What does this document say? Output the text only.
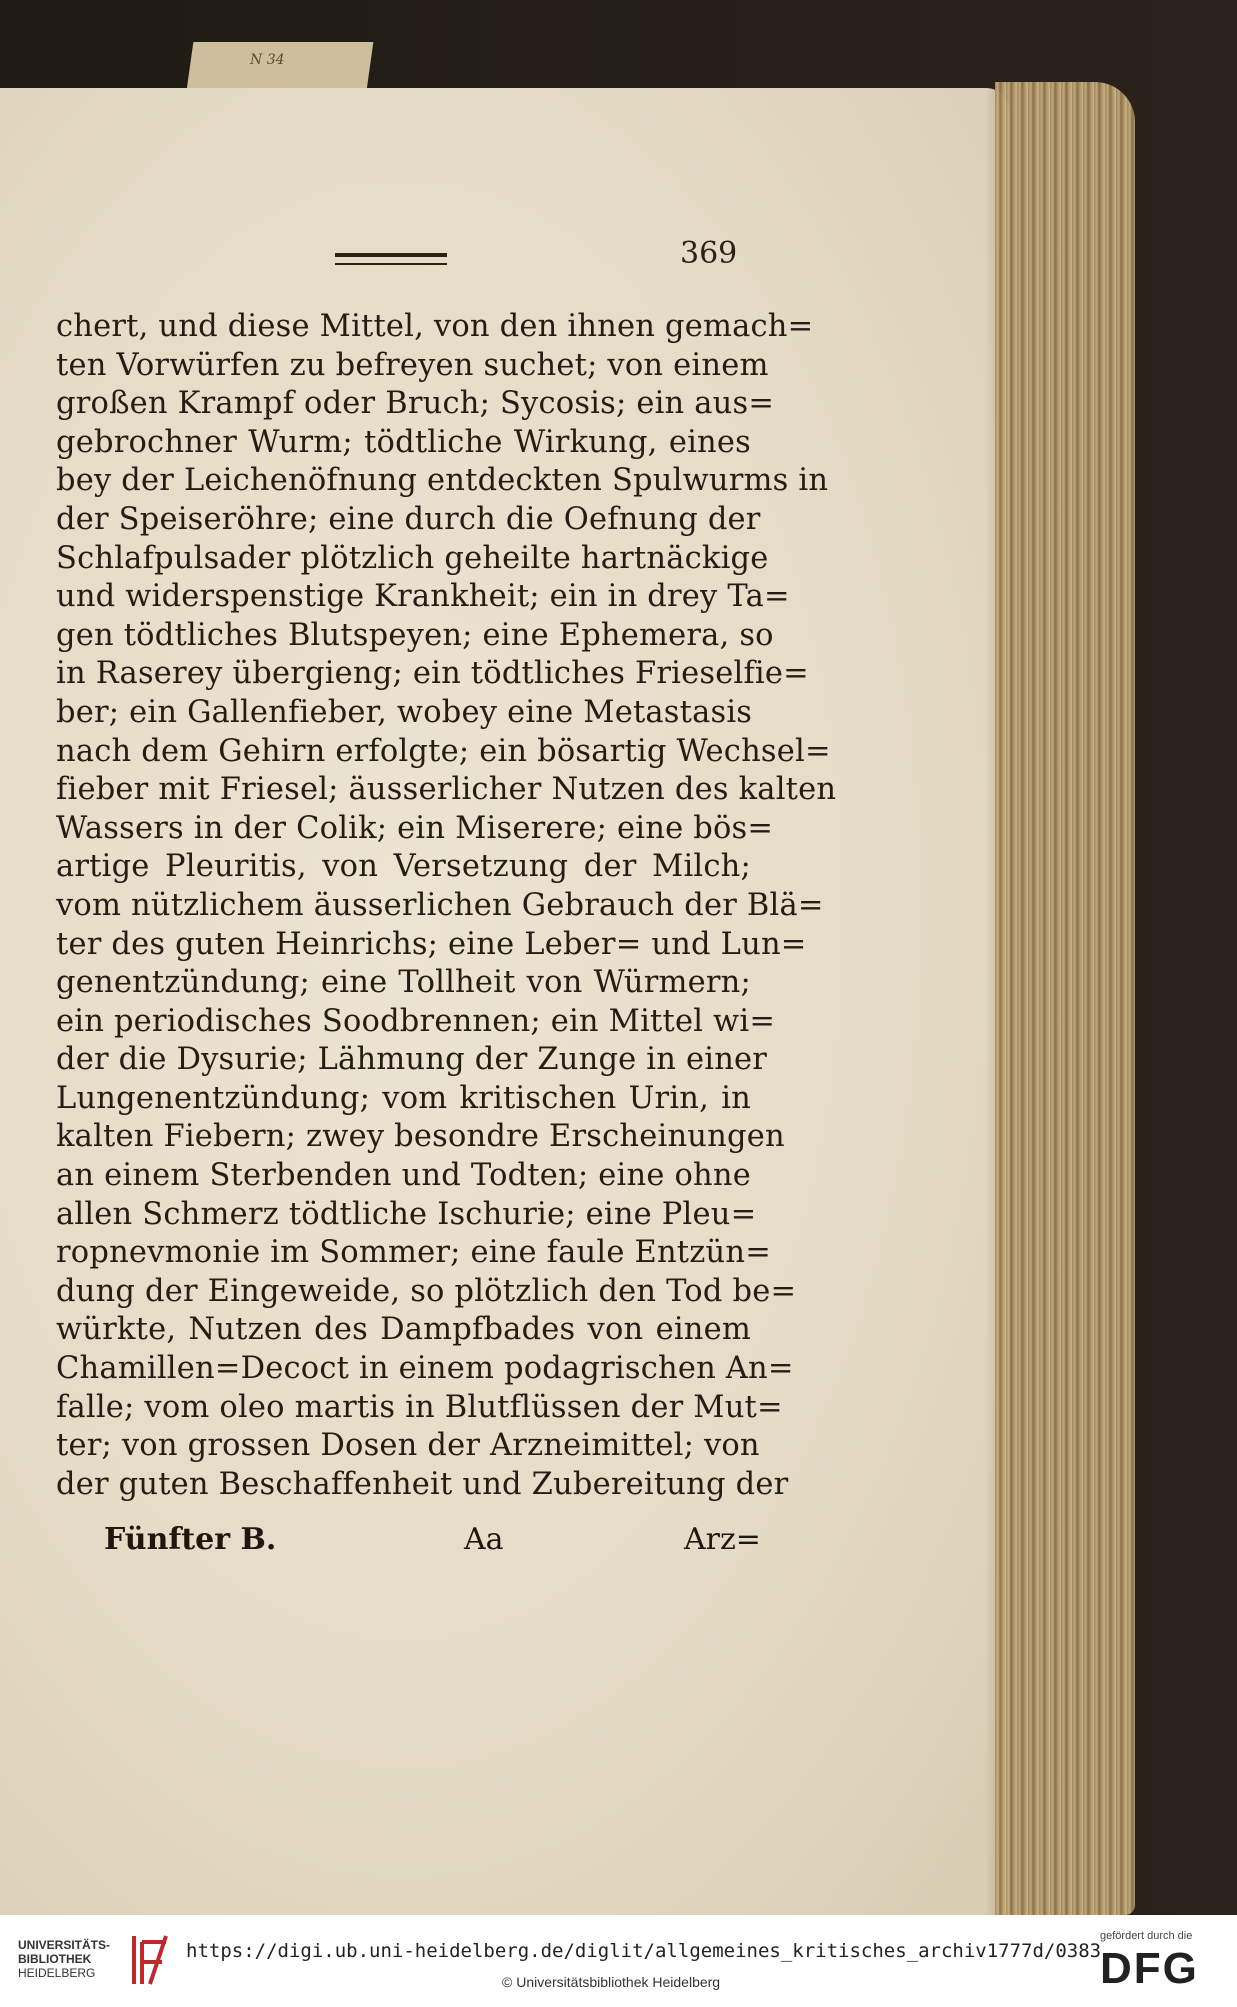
N 34
369
chert, und diese Mittel, von den ihnen gemach=
ten Vorwürfen zu befreyen suchet; von einem
großen Krampf oder Bruch; Sycosis; ein aus=
gebrochner Wurm; tödtliche Wirkung, eines
bey der Leichenöfnung entdeckten Spulwurms in
der Speiseröhre; eine durch die Oefnung der
Schlafpulsader plötzlich geheilte hartnäckige
und widerspenstige Krankheit; ein in drey Ta=
gen tödtliches Blutspeyen; eine Ephemera, so
in Raserey übergieng; ein tödtliches Frieselfie=
ber; ein Gallenfieber, wobey eine Metastasis
nach dem Gehirn erfolgte; ein bösartig Wechsel=
fieber mit Friesel; äusserlicher Nutzen des kalten
Wassers in der Colik; ein Miserere; eine bös=
artige Pleuritis, von Versetzung der Milch;
vom nützlichem äusserlichen Gebrauch der Blä=
ter des guten Heinrichs; eine Leber= und Lun=
genentzündung; eine Tollheit von Würmern;
ein periodisches Soodbrennen; ein Mittel wi=
der die Dysurie; Lähmung der Zunge in einer
Lungenentzündung; vom kritischen Urin, in
kalten Fiebern; zwey besondre Erscheinungen
an einem Sterbenden und Todten; eine ohne
allen Schmerz tödtliche Ischurie; eine Pleu=
ropnevmonie im Sommer; eine faule Entzün=
dung der Eingeweide, so plötzlich den Tod be=
würkte, Nutzen des Dampfbades von einem
Chamillen=Decoct in einem podagrischen An=
falle; vom oleo martis in Blutflüssen der Mut=
ter; von grossen Dosen der Arzneimittel; von
der guten Beschaffenheit und Zubereitung der
Fünfter B.	Aa	Arz=
UNIVERSITÄTS-
BIBLIOTHEK
HEIDELBERG
https://digi.ub.uni-heidelberg.de/diglit/allgemeines_kritisches_archiv1777d/0383
© Universitätsbibliothek Heidelberg
gefördert durch die
DFG
